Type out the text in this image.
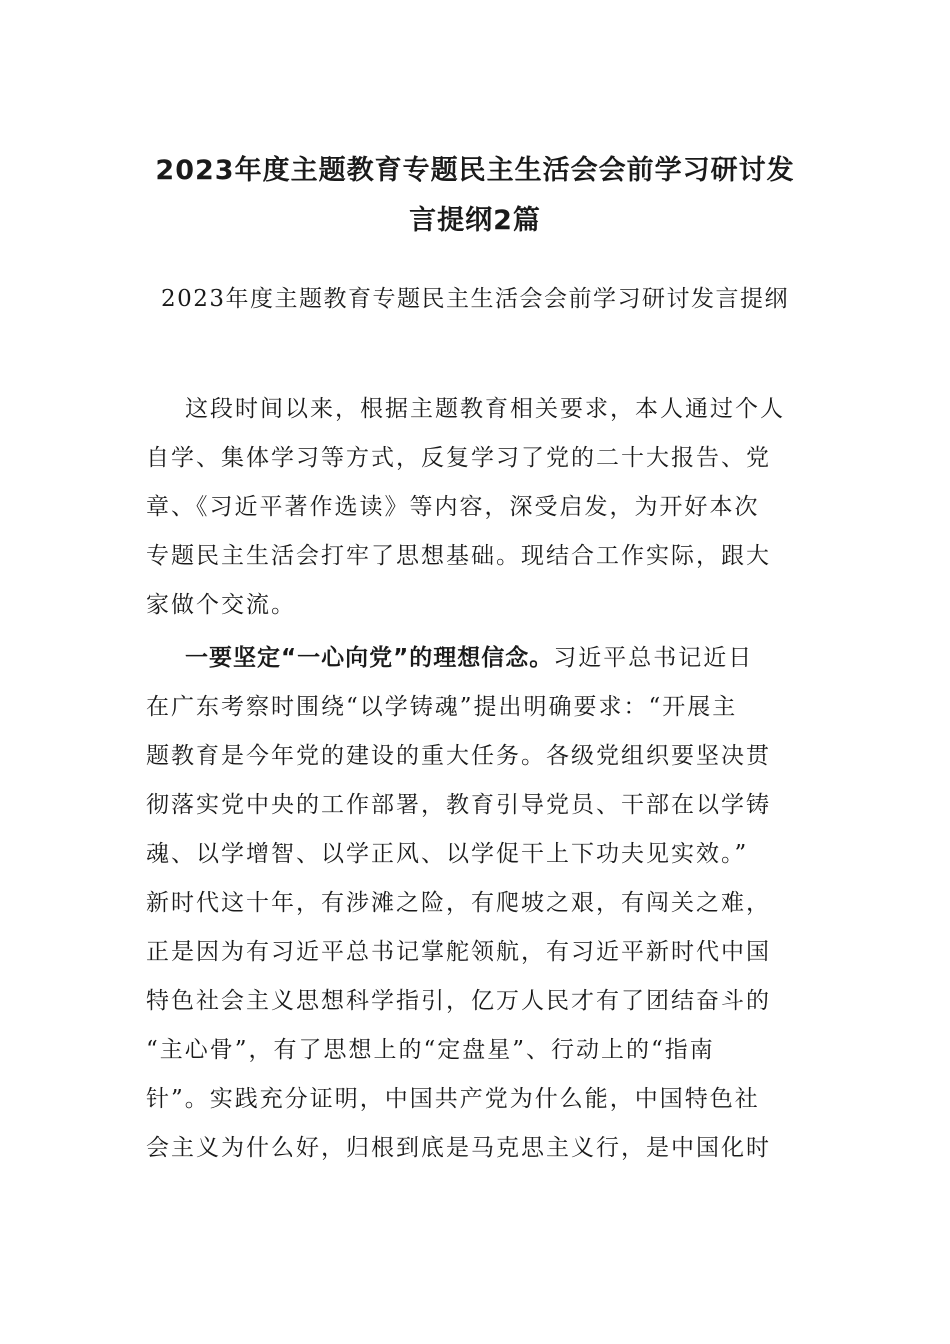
2023年度主题教育专题民主生活会会前学习研讨发
言提纲2篇
2023年度主题教育专题民主生活会会前学习研讨发言提纲
这段时间以来，根据主题教育相关要求，本人通过个人
自学、集体学习等方式，反复学习了党的二十大报告、党
章、《习近平著作选读》等内容，深受启发，为开好本次
专题民主生活会打牢了思想基础。现结合工作实际，跟大
家做个交流。
一要坚定“一心向党”的理想信念。习近平总书记近日
在广东考察时围绕“以学铸魂”提出明确要求：“开展主
题教育是今年党的建设的重大任务。各级党组织要坚决贯
彻落实党中央的工作部署，教育引导党员、干部在以学铸
魂、以学增智、以学正风、以学促干上下功夫见实效。”
新时代这十年，有涉滩之险，有爬坡之艰，有闯关之难，
正是因为有习近平总书记掌舵领航，有习近平新时代中国
特色社会主义思想科学指引，亿万人民才有了团结奋斗的
“主心骨”，有了思想上的“定盘星”、行动上的“指南
针”。实践充分证明，中国共产党为什么能，中国特色社
会主义为什么好，归根到底是马克思主义行，是中国化时
